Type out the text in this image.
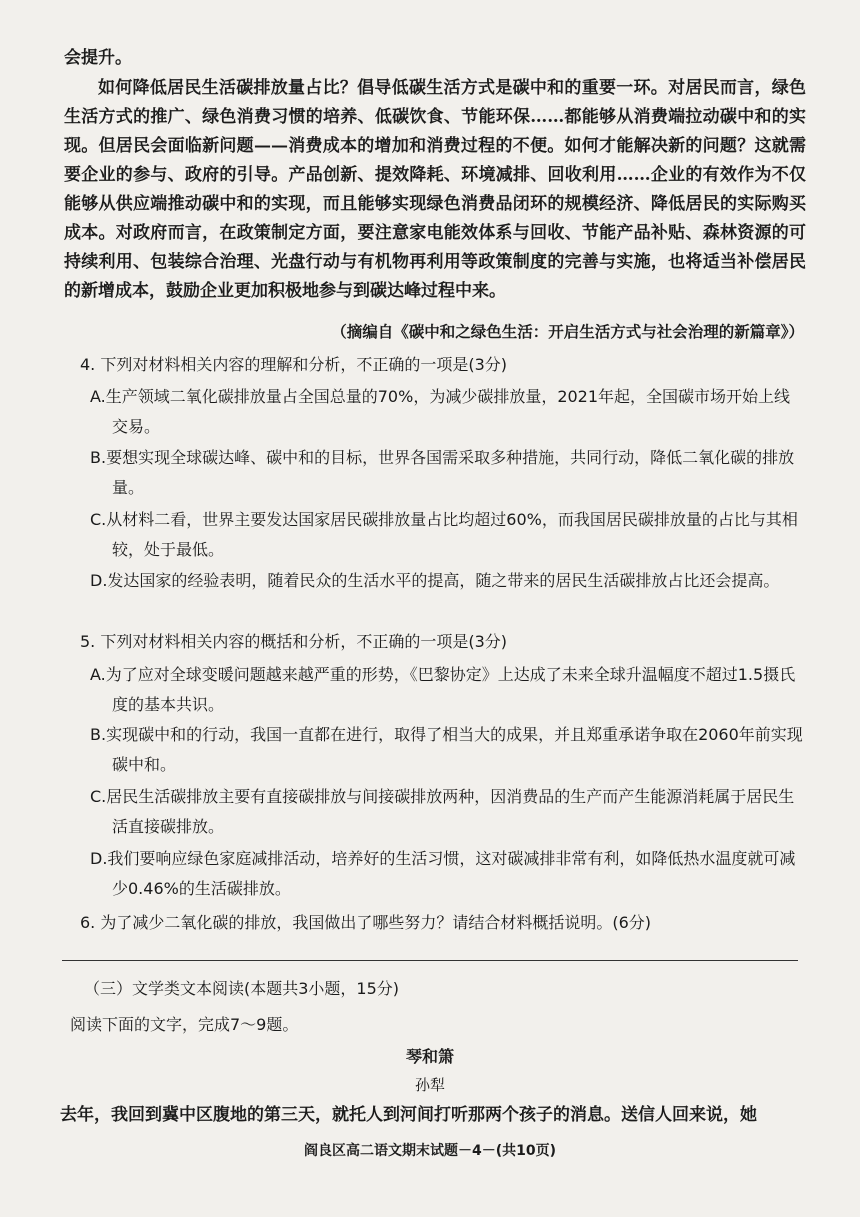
会提升。

如何降低居民生活碳排放量占比？倡导低碳生活方式是碳中和的重要一环。对居民而言，绿色生活方式的推广、绿色消费习惯的培养、低碳饮食、节能环保……都能够从消费端拉动碳中和的实现。但居民会面临新问题——消费成本的增加和消费过程的不便。如何才能解决新的问题？这就需要企业的参与、政府的引导。产品创新、提效降耗、环境减排、回收利用……企业的有效作为不仅能够从供应端推动碳中和的实现，而且能够实现绿色消费品闭环的规模经济、降低居民的实际购买成本。对政府而言，在政策制定方面，要注意家电能效体系与回收、节能产品补贴、森林资源的可持续利用、包装综合治理、光盘行动与有机物再利用等政策制度的完善与实施，也将适当补偿居民的新增成本，鼓励企业更加积极地参与到碳达峰过程中来。

（摘编自《碳中和之绿色生活：开启生活方式与社会治理的新篇章》）

4. 下列对材料相关内容的理解和分析，不正确的一项是(3分)

A.生产领域二氧化碳排放量占全国总量的70%，为减少碳排放量，2021年起，全国碳市场开始上线交易。
B.要想实现全球碳达峰、碳中和的目标，世界各国需采取多种措施，共同行动，降低二氧化碳的排放量。
C.从材料二看，世界主要发达国家居民碳排放量占比均超过60%，而我国居民碳排放量的占比与其相较，处于最低。
D.发达国家的经验表明，随着民众的生活水平的提高，随之带来的居民生活碳排放占比还会提高。

5. 下列对材料相关内容的概括和分析，不正确的一项是(3分)

A.为了应对全球变暖问题越来越严重的形势，《巴黎协定》上达成了未来全球升温幅度不超过1.5摄氏度的基本共识。
B.实现碳中和的行动，我国一直都在进行，取得了相当大的成果，并且郑重承诺争取在2060年前实现碳中和。
C.居民生活碳排放主要有直接碳排放与间接碳排放两种，因消费品的生产而产生能源消耗属于居民生活直接碳排放。
D.我们要响应绿色家庭减排活动，培养好的生活习惯，这对碳减排非常有利，如降低热水温度就可减少0.46%的生活碳排放。

6. 为了减少二氧化碳的排放，我国做出了哪些努力？请结合材料概括说明。(6分)

（三）文学类文本阅读(本题共3小题，15分)
阅读下面的文字，完成7～9题。
琴和箫
孙犁
去年，我回到冀中区腹地的第三天，就托人到河间打听那两个孩子的消息。送信人回来说，她
阎良区高二语文期末试题－4－(共10页)
